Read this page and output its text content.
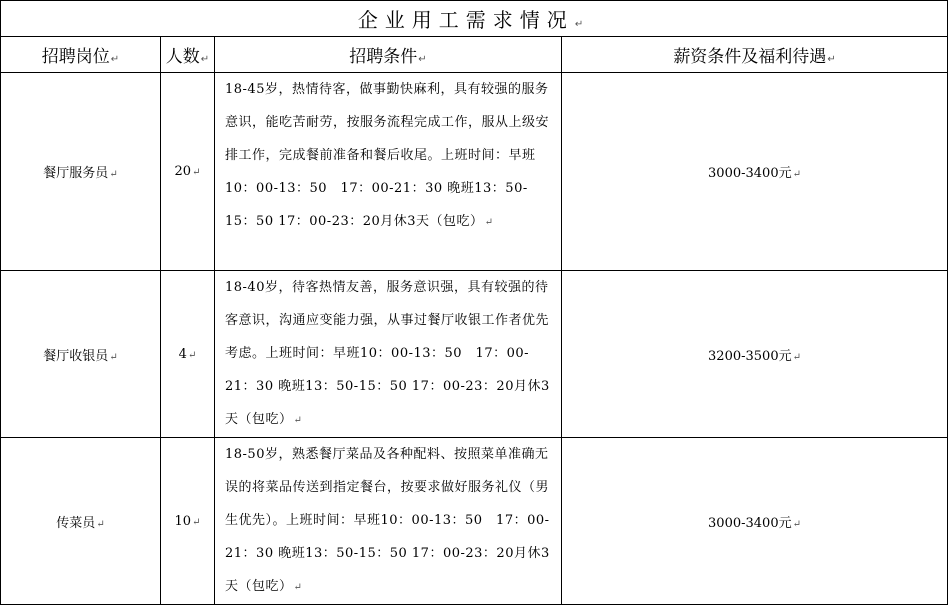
企业用工需求情况↵			
招聘岗位↵	人数↵	招聘条件↵	薪资条件及福利待遇↵
餐厅服务员↵	20↵	18-45岁，热情待客，做事勤快麻利，具有较强的服务意识，能吃苦耐劳，按服务流程完成工作，服从上级安排工作，完成餐前准备和餐后收尾。上班时间：早班10：00-13：50　17：00-21：30 晚班13：50-15：50 17：00-23：20月休3天（包吃）↵	3000-3400元↵
餐厅收银员↵	4↵	18-40岁，待客热情友善，服务意识强，具有较强的待客意识，沟通应变能力强，从事过餐厅收银工作者优先考虑。上班时间：早班10：00-13：50　17：00-21：30 晚班13：50-15：50 17：00-23：20月休3天（包吃）↵	3200-3500元↵
传菜员↵	10↵	18-50岁，熟悉餐厅菜品及各种配料、按照菜单准确无误的将菜品传送到指定餐台，按要求做好服务礼仪（男生优先）。上班时间：早班10：00-13：50　17：00-21：30 晚班13：50-15：50 17：00-23：20月休3天（包吃）↵	3000-3400元↵
